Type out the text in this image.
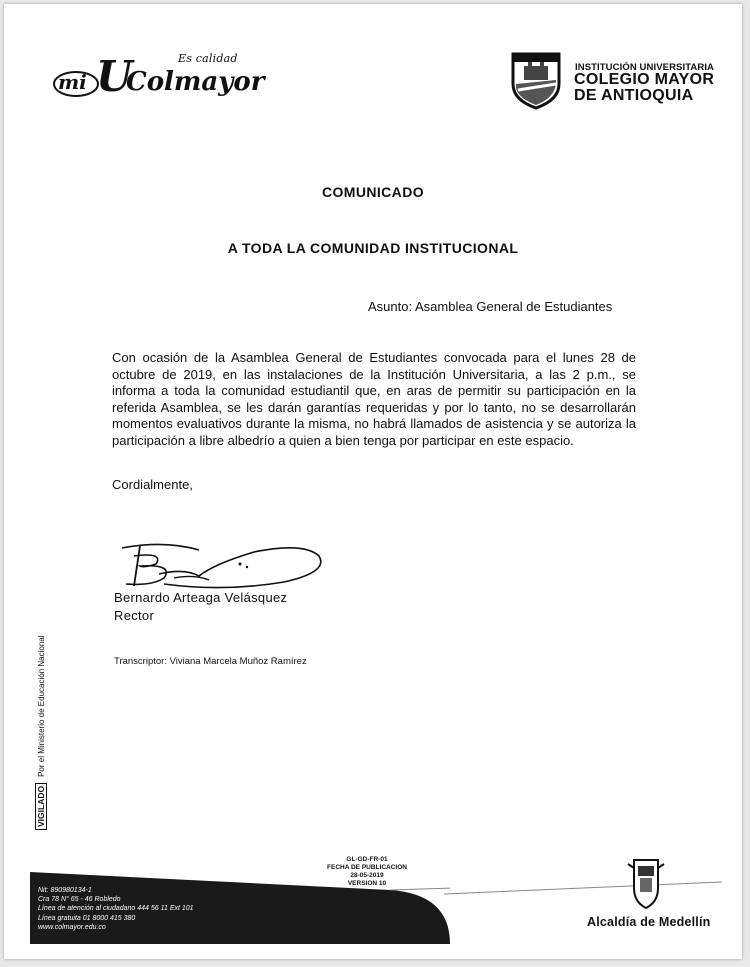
Es calidad
mi U
Colmayor	INSTITUCIÓN UNIVERSITARIA
COLEGIO MAYOR
DE ANTIOQUIA
COMUNICADO
A TODA LA COMUNIDAD INSTITUCIONAL
Asunto: Asamblea General de Estudiantes
Con ocasión de la Asamblea General de Estudiantes convocada para el lunes 28 de octubre de 2019, en las instalaciones de la Institución Universitaria, a las 2 p.m., se informa a toda la comunidad estudiantil que, en aras de permitir su participación en la referida Asamblea, se les darán garantías requeridas y por lo tanto, no se desarrollarán momentos evaluativos durante la misma, no habrá llamados de asistencia y se autoriza la participación a libre albedrío a quien a bien tenga por participar en este espacio.
Cordialmente,
Bernardo Arteaga Velásquez
Rector
Transcriptor: Viviana Marcela Muñoz Ramírez
VIGILADOPor el Ministerio de Educación Nacional
GL-GD-FR-01
FECHA DE PUBLICACION
28-05-2019
VERSION 10
Nit: 890980134-1
Cra 78 N° 65 - 46 Robledo
Línea de atención al ciudadano 444 56 11 Ext 101
Línea gratuita 01 8000 415 380
www.colmayor.edu.co	Alcaldía de Medellín
